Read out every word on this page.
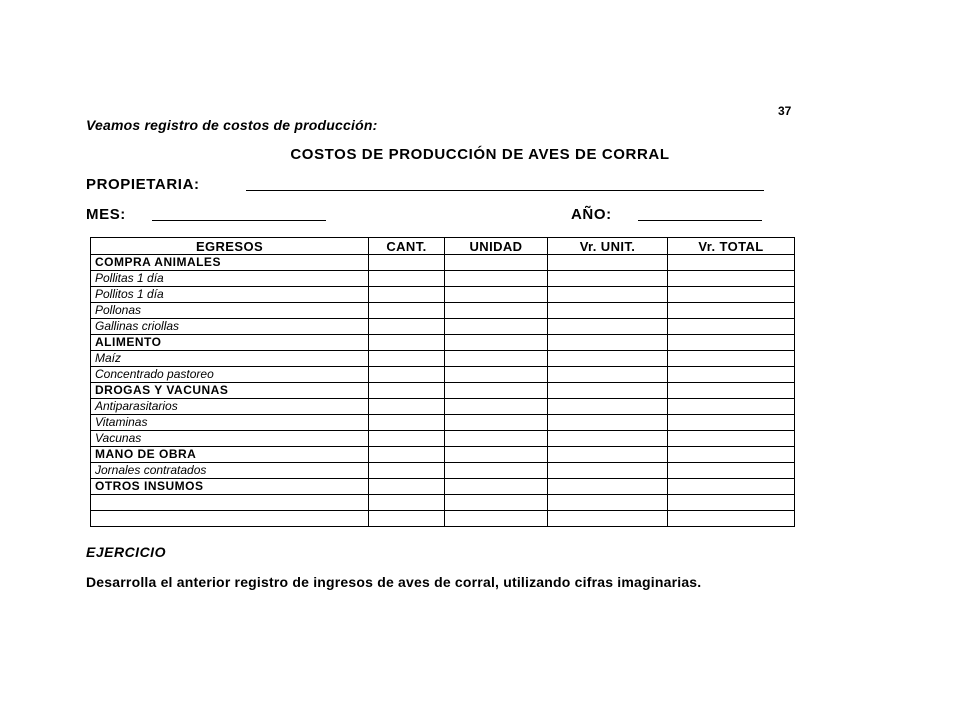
37
Veamos registro de costos de producción:
COSTOS DE PRODUCCIÓN DE AVES DE CORRAL
PROPIETARIA:
MES:	AÑO:
EGRESOS	CANT.	UNIDAD	Vr. UNIT.	Vr. TOTAL
COMPRA ANIMALES				
Pollitas 1 día				
Pollitos 1 día				
Pollonas				
Gallinas criollas				
ALIMENTO				
Maíz				
Concentrado pastoreo				
DROGAS Y VACUNAS				
Antiparasitarios				
Vitaminas				
Vacunas				
MANO DE OBRA				
Jornales contratados				
OTROS INSUMOS				

EJERCICIO
Desarrolla el anterior registro de ingresos de aves de corral, utilizando cifras imaginarias.
